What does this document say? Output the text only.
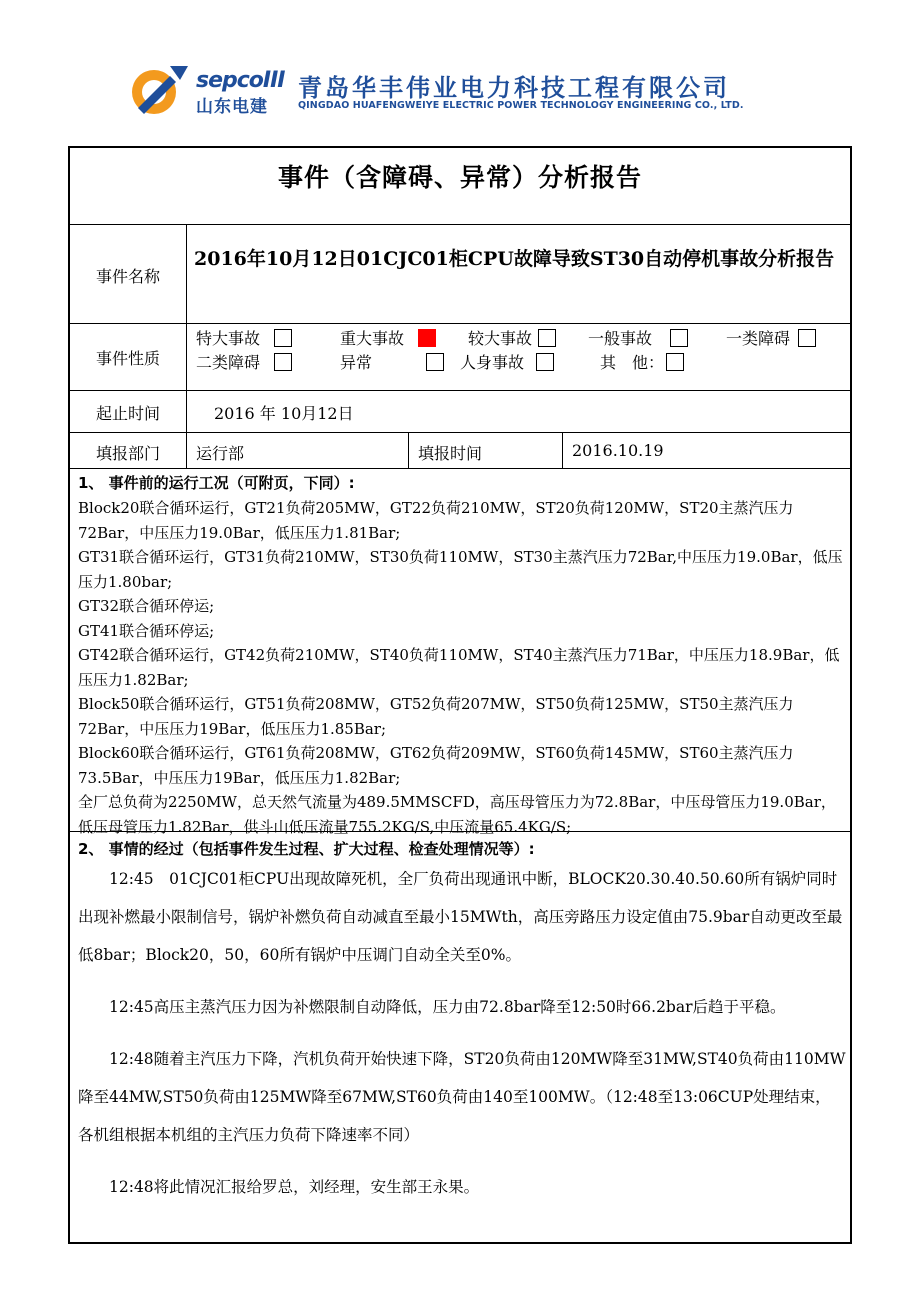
sepcoIII
山东电建
青岛华丰伟业电力科技工程有限公司
QINGDAO HUAFENGWEIYE ELECTRIC POWER TECHNOLOGY ENGINEERING CO., LTD.
事件（含障碍、异常）分析报告
事件名称
2016年10月12日01CJC01柜CPU故障导致ST30自动停机事故分析报告
事件性质
特大事故	重大事故	较大事故	一般事故	一类障碍
二类障碍	异常	人身事故	其　他：
起止时间	2016 年 10月12日
填报部门	运行部	填报时间	2016.10.19
1、 事件前的运行工况（可附页，下同）:
Block20联合循环运行，GT21负荷205MW，GT22负荷210MW，ST20负荷120MW，ST20主蒸汽压力72Bar，中压压力19.0Bar，低压压力1.81Bar;
GT31联合循环运行，GT31负荷210MW，ST30负荷110MW，ST30主蒸汽压力72Bar,中压压力19.0Bar，低压压力1.80bar;
GT32联合循环停运;
GT41联合循环停运;
GT42联合循环运行，GT42负荷210MW，ST40负荷110MW，ST40主蒸汽压力71Bar，中压压力18.9Bar，低压压力1.82Bar;
Block50联合循环运行，GT51负荷208MW，GT52负荷207MW，ST50负荷125MW，ST50主蒸汽压力72Bar，中压压力19Bar，低压压力1.85Bar;
Block60联合循环运行，GT61负荷208MW，GT62负荷209MW，ST60负荷145MW，ST60主蒸汽压力73.5Bar，中压压力19Bar，低压压力1.82Bar;
全厂总负荷为2250MW，总天然气流量为489.5MMSCFD，高压母管压力为72.8Bar，中压母管压力19.0Bar，低压母管压力1.82Bar，供斗山低压流量755.2KG/S,中压流量65.4KG/S;
2、 事情的经过（包括事件发生过程、扩大过程、检查处理情况等）:

12:45　01CJC01柜CPU出现故障死机，全厂负荷出现通讯中断，BLOCK20.30.40.50.60所有锅炉同时出现补燃最小限制信号，锅炉补燃负荷自动减直至最小15MWth，高压旁路压力设定值由75.9bar自动更改至最低8bar；Block20，50，60所有锅炉中压调门自动全关至0%。

12:45高压主蒸汽压力因为补燃限制自动降低，压力由72.8bar降至12:50时66.2bar后趋于平稳。

12:48随着主汽压力下降，汽机负荷开始快速下降，ST20负荷由120MW降至31MW,ST40负荷由110MW降至44MW,ST50负荷由125MW降至67MW,ST60负荷由140至100MW。（12:48至13:06CUP处理结束，各机组根据本机组的主汽压力负荷下降速率不同）

12:48将此情况汇报给罗总，刘经理，安生部王永果。
